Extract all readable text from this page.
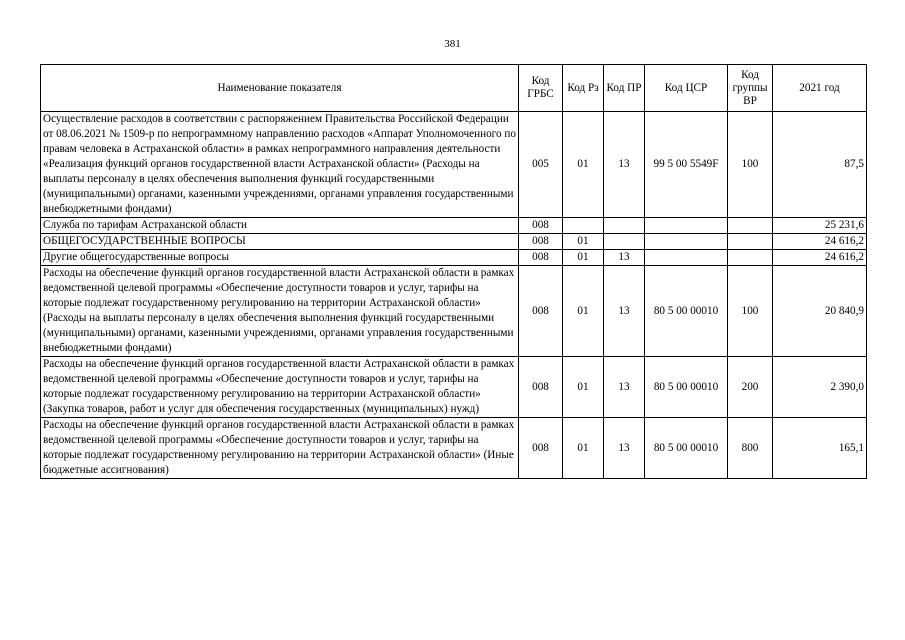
381
Наименование показателя	Код ГРБС	Код Рз	Код ПР	Код ЦСР	Код группы ВР	2021 год
Осуществление расходов в соответствии с распоряжением Правительства Российской Федерации от 08.06.2021 № 1509-р по непрограммному направлению расходов «Аппарат Уполномоченного по правам человека в Астраханской области» в рамках непрограммного направления деятельности «Реализация функций органов государственной власти Астраханской области» (Расходы на выплаты персоналу в целях обеспечения выполнения функций государственными (муниципальными) органами, казенными учреждениями, органами управления государственными внебюджетными фондами)	005	01	13	99 5 00 5549F	100	87,5
Служба по тарифам Астраханской области	008					25 231,6
ОБЩЕГОСУДАРСТВЕННЫЕ ВОПРОСЫ	008	01				24 616,2
Другие общегосударственные вопросы	008	01	13			24 616,2
Расходы на обеспечение функций органов государственной власти Астраханской области в рамках ведомственной целевой программы «Обеспечение доступности товаров и услуг, тарифы на которые подлежат государственному регулированию на территории Астраханской области» (Расходы на выплаты персоналу в целях обеспечения выполнения функций государственными (муниципальными) органами, казенными учреждениями, органами управления государственными внебюджетными фондами)	008	01	13	80 5 00 00010	100	20 840,9
Расходы на обеспечение функций органов государственной власти Астраханской области в рамках ведомственной целевой программы «Обеспечение доступности товаров и услуг, тарифы на которые подлежат государственному регулированию на территории Астраханской области» (Закупка товаров, работ и услуг для обеспечения государственных (муниципальных) нужд)	008	01	13	80 5 00 00010	200	2 390,0
Расходы на обеспечение функций органов государственной власти Астраханской области в рамках ведомственной целевой программы «Обеспечение доступности товаров и услуг, тарифы на которые подлежат государственному регулированию на территории Астраханской области» (Иные бюджетные ассигнования)	008	01	13	80 5 00 00010	800	165,1
